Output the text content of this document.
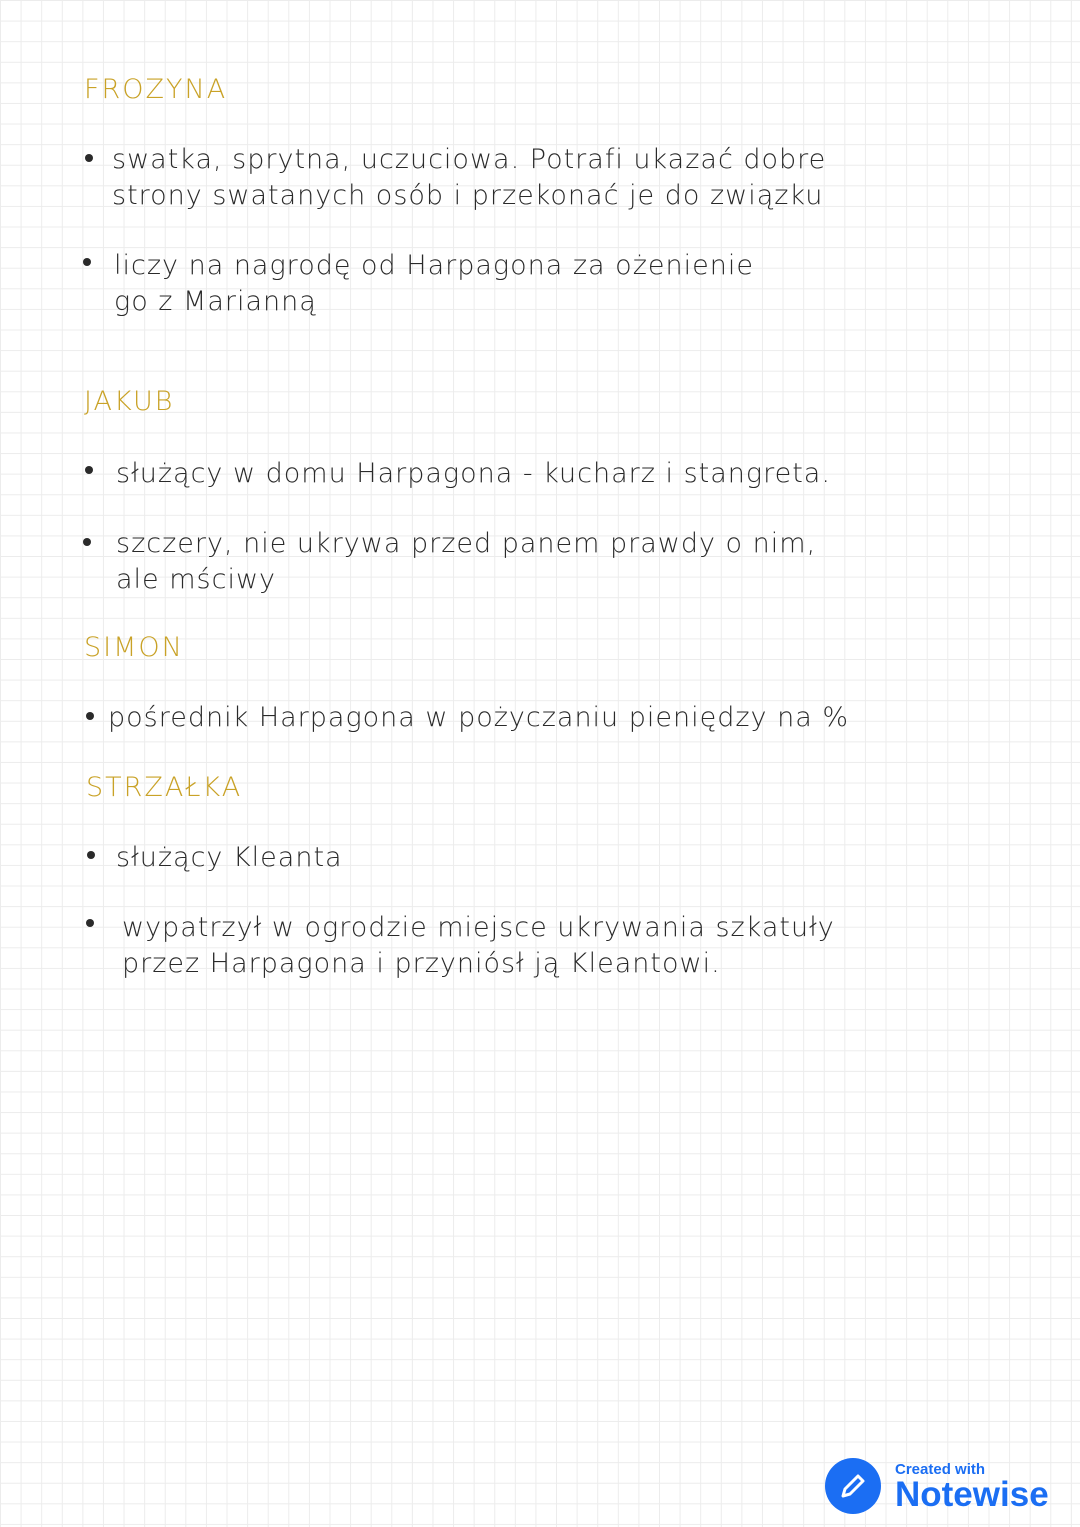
FROZYNA
swatka, sprytna, uczuciowa. Potrafi ukazać dobre
strony swatanych osób i przekonać je do związku
liczy na nagrodę od Harpagona za ożenienie
go z Marianną
JAKUB
służący w domu Harpagona - kucharz i stangreta.
szczery, nie ukrywa przed panem prawdy o nim,
ale mściwy
SIMON
pośrednik Harpagona w pożyczaniu pieniędzy na %
STRZAŁKA
służący Kleanta
wypatrzył w ogrodzie miejsce ukrywania szkatuły
przez Harpagona i przyniósł ją Kleantowi.
Created with
Notewise
